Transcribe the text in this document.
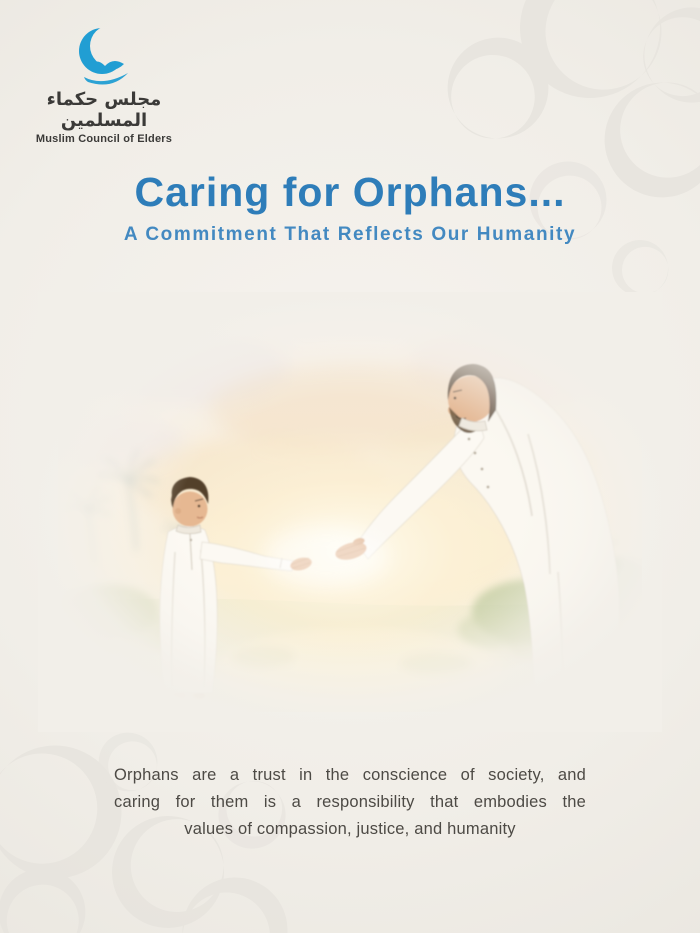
مجلس حكماء المسلمين
Muslim Council of Elders
Caring for Orphans...
A Commitment That Reflects Our Humanity

Orphans are a trust in the conscience of society, and

caring for them is a responsibility that embodies the

values of compassion, justice, and humanity
